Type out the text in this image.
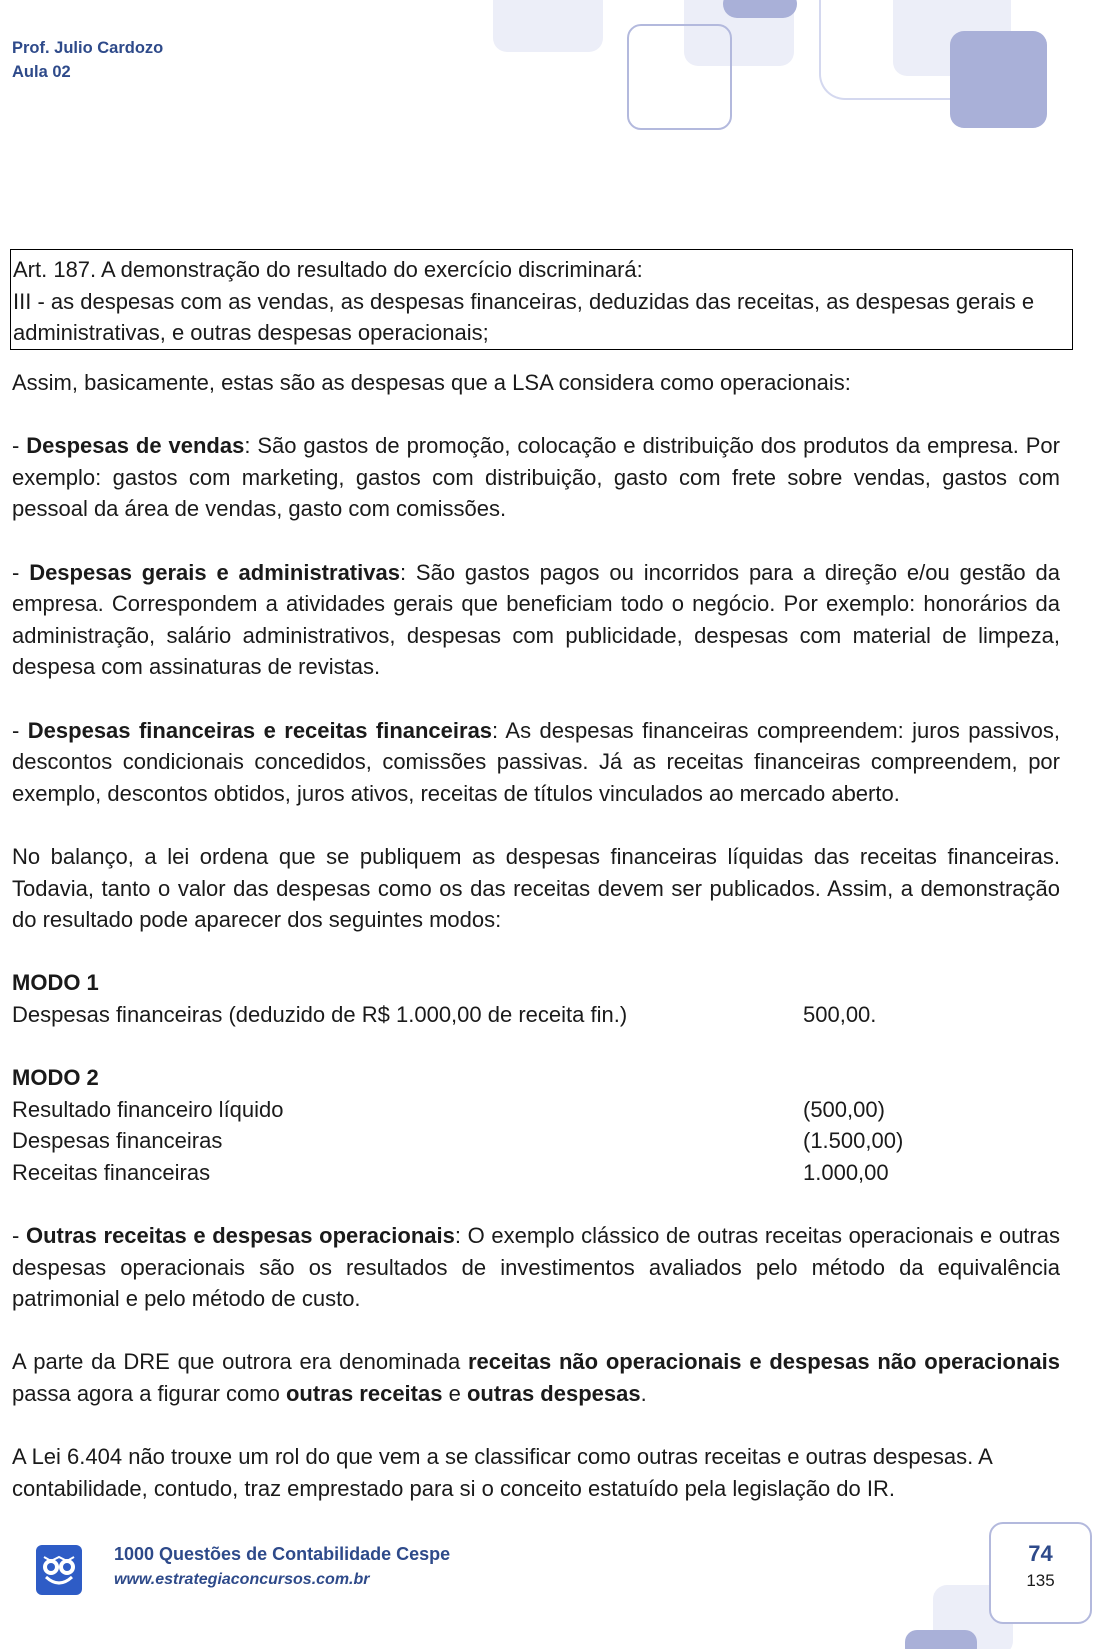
Prof. Julio Cardozo
Aula 02

Art. 187. A demonstração do resultado do exercício discriminará:

III - as despesas com as vendas, as despesas financeiras, deduzidas das receitas, as despesas gerais e administrativas, e outras despesas operacionais;

Assim, basicamente, estas são as despesas que a LSA considera como operacionais:

- Despesas de vendas: São gastos de promoção, colocação e distribuição dos produtos da empresa. Por exemplo: gastos com marketing, gastos com distribuição, gasto com frete sobre vendas, gastos com pessoal da área de vendas, gasto com comissões.

- Despesas gerais e administrativas: São gastos pagos ou incorridos para a direção e/ou gestão da empresa. Correspondem a atividades gerais que beneficiam todo o negócio. Por exemplo: honorários da administração, salário administrativos, despesas com publicidade, despesas com material de limpeza, despesa com assinaturas de revistas.

- Despesas financeiras e receitas financeiras: As despesas financeiras compreendem: juros passivos, descontos condicionais concedidos, comissões passivas. Já as receitas financeiras compreendem, por exemplo, descontos obtidos, juros ativos, receitas de títulos vinculados ao mercado aberto.

No balanço, a lei ordena que se publiquem as despesas financeiras líquidas das receitas financeiras. Todavia, tanto o valor das despesas como os das receitas devem ser publicados. Assim, a demonstração do resultado pode aparecer dos seguintes modos:

MODO 1

Despesas financeiras (deduzido de R$ 1.000,00 de receita fin.)	500,00.

MODO 2

Resultado financeiro líquido	(500,00)
Despesas financeiras	(1.500,00)
Receitas financeiras	1.000,00

- Outras receitas e despesas operacionais: O exemplo clássico de outras receitas operacionais e outras despesas operacionais são os resultados de investimentos avaliados pelo método da equivalência patrimonial e pelo método de custo.

A parte da DRE que outrora era denominada receitas não operacionais e despesas não operacionais passa agora a figurar como outras receitas e outras despesas.

A Lei 6.404 não trouxe um rol do que vem a se classificar como outras receitas e outras despesas. A contabilidade, contudo, traz emprestado para si o conceito estatuído pela legislação do IR.

1000 Questões de Contabilidade Cespe
www.estrategiaconcursos.com.br
74
135
